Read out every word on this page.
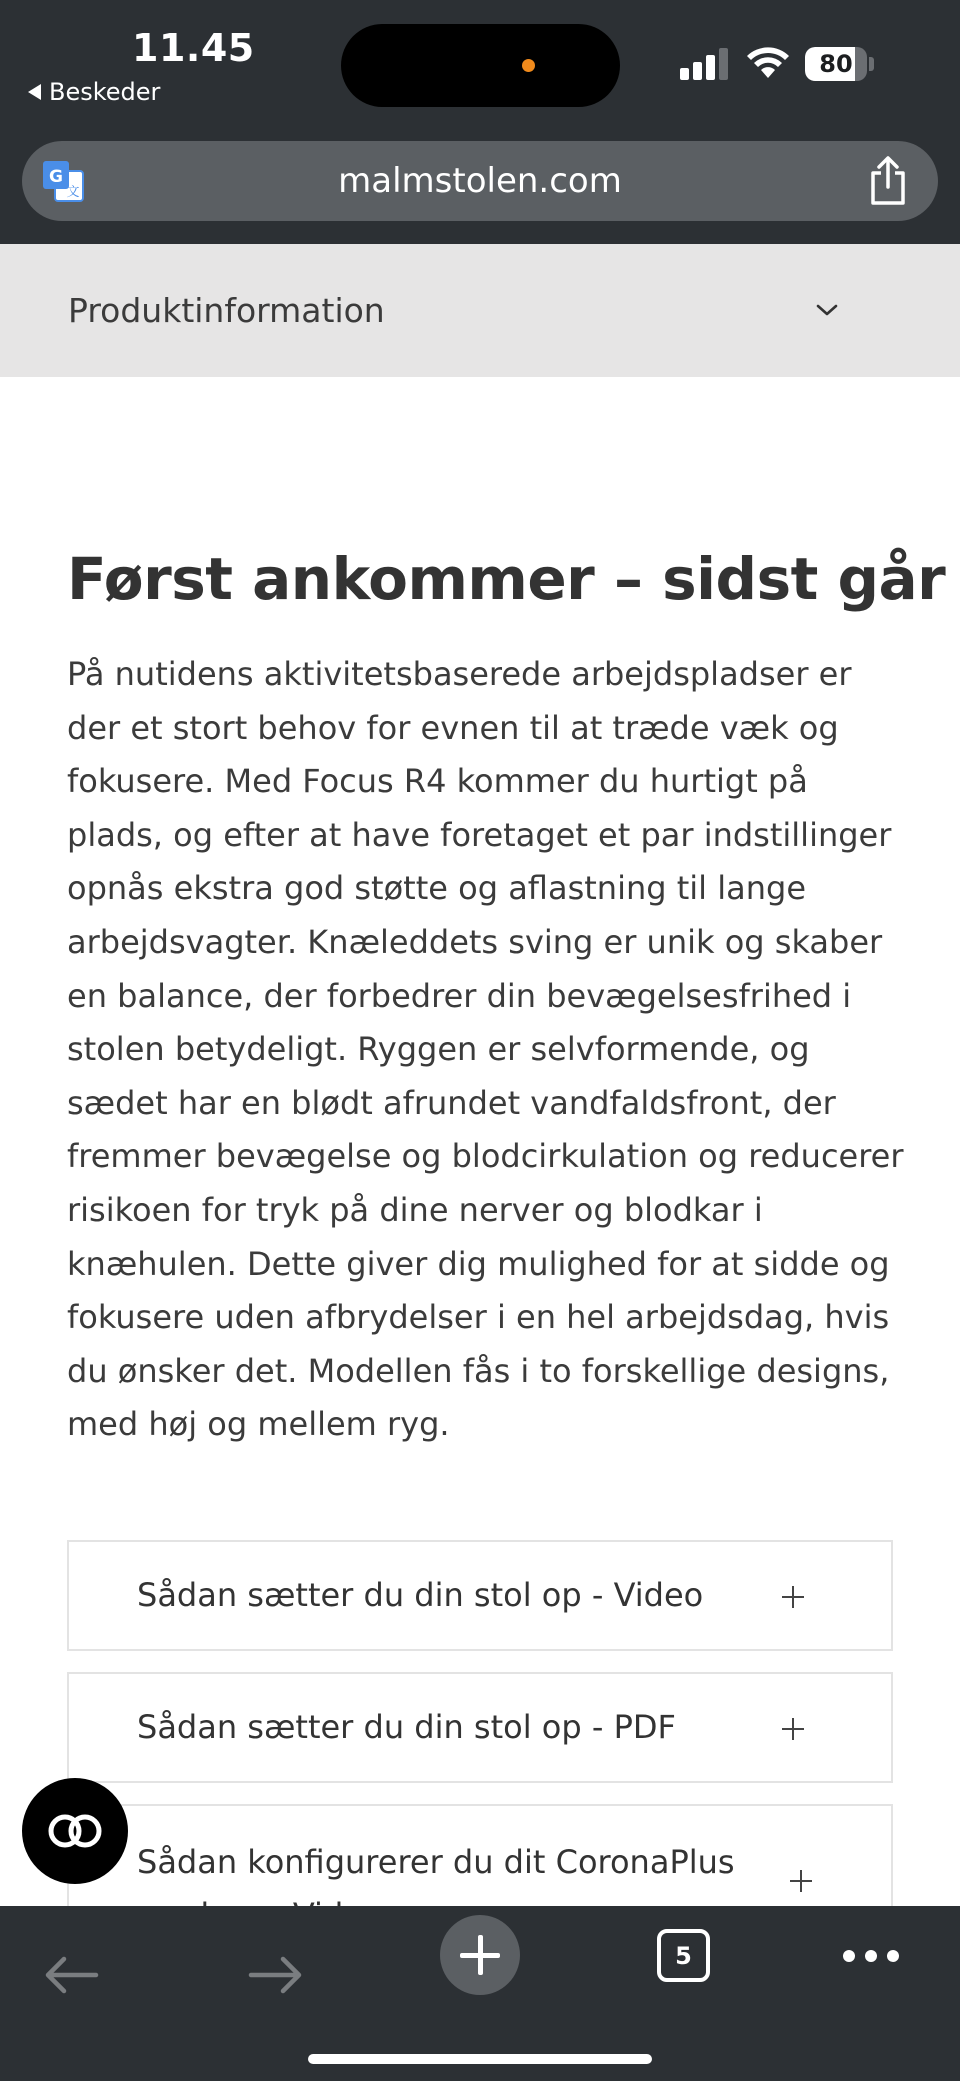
11.45
Beskeder
80
G
文	malmstolen.com
Produktinformation
Først ankommer – sidst går

På nutidens aktivitetsbaserede arbejdspladser er der et stort behov for evnen til at træde væk og fokusere. Med Focus R4 kommer du hurtigt på plads, og efter at have foretaget et par indstillinger opnås ekstra god støtte og aflastning til lange arbejdsvagter. Knæleddets sving er unik og skaber en balance, der forbedrer din bevægelsesfrihed i stolen betydeligt. Ryggen er selvformende, og sædet har en blødt afrundet vandfaldsfront, der fremmer bevægelse og blodcirkulation og reducerer risikoen for tryk på dine nerver og blodkar i knæhulen. Dette giver dig mulighed for at sidde og fokusere uden afbrydelser i en hel arbejdsdag, hvis du ønsker det. Modellen fås i to forskellige designs, med høj og mellem ryg.

Sådan sætter du din stol op - Video
Sådan sætter du din stol op - PDF
Sådan konfigurerer du dit CoronaPlus
5
